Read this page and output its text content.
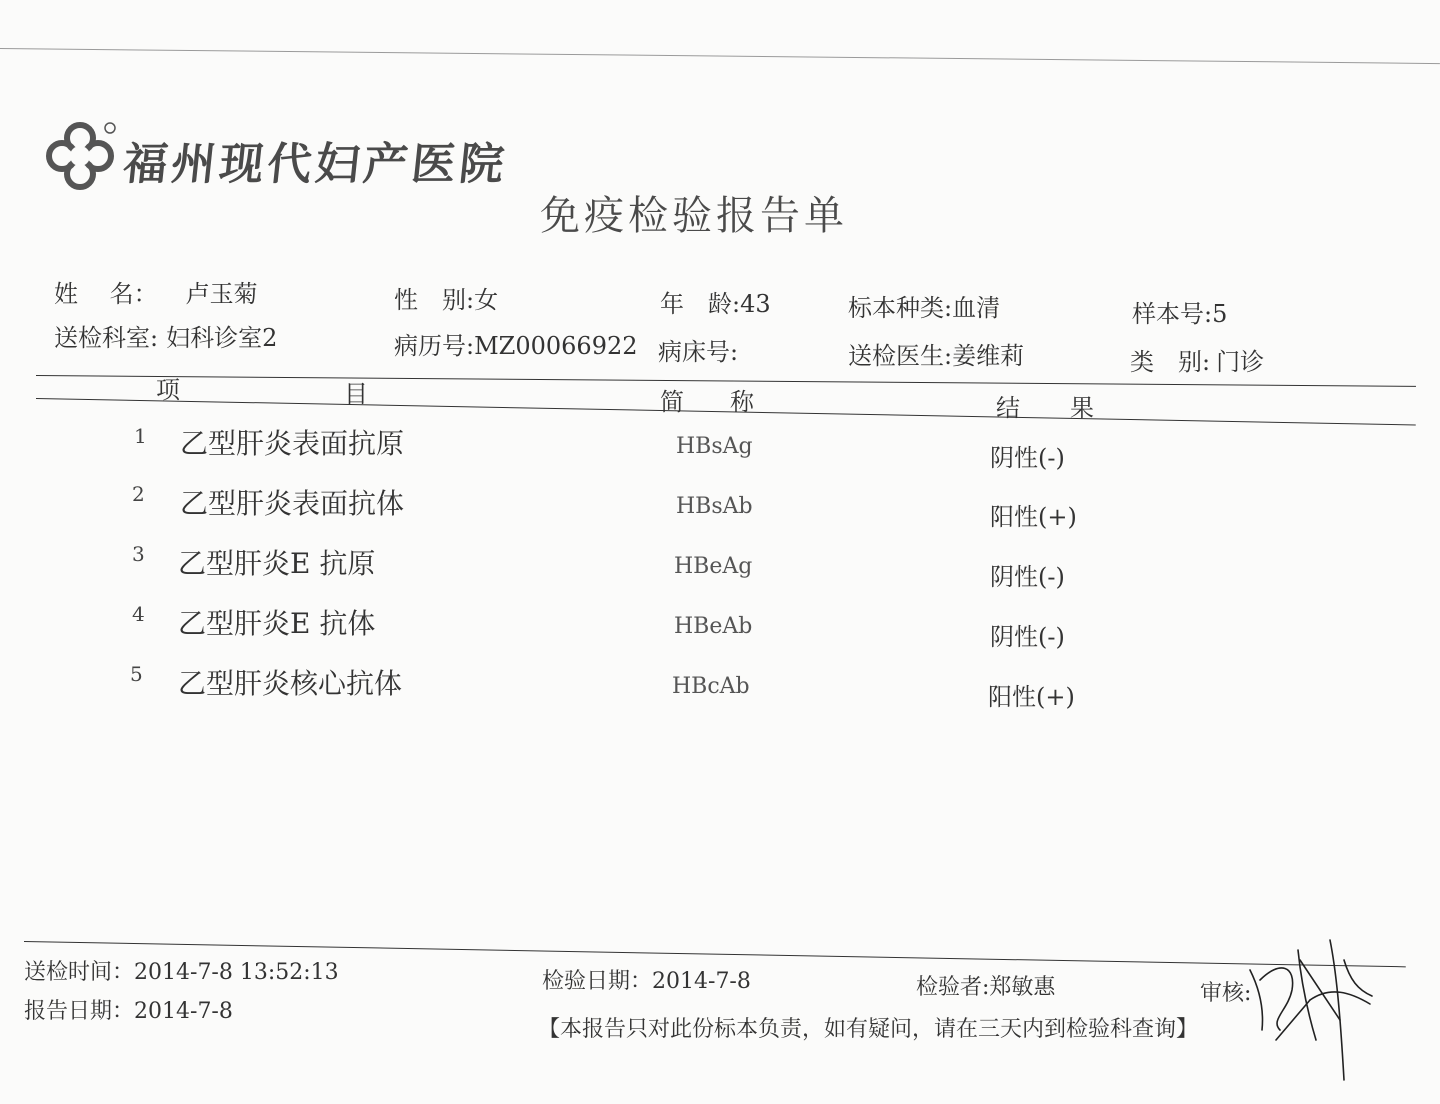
福州现代妇产医院
免疫检验报告单
姓　 名： 卢玉菊	性　别:女	年　龄:43	标本种类:血清	样本号:5
送检科室: 妇科诊室2	病历号:MZ00066922 病床号:	送检医生:姜维莉	类　别: 门诊
项	目	简 称	结 果
1 乙型肝炎表面抗原	HBsAg	阴性(-)
2 乙型肝炎表面抗体	HBsAb	阳性(+)
3 乙型肝炎E 抗原	HBeAg	阴性(-)
4 乙型肝炎E 抗体	HBeAb	阴性(-)
5 乙型肝炎核心抗体	HBcAb	阳性(+)
送检时间：2014-7-8 13:52:13
报告日期：2014-7-8
检验日期：2014-7-8	检验者:郑敏惠	审核:
【本报告只对此份标本负责，如有疑问，请在三天内到检验科查询】
